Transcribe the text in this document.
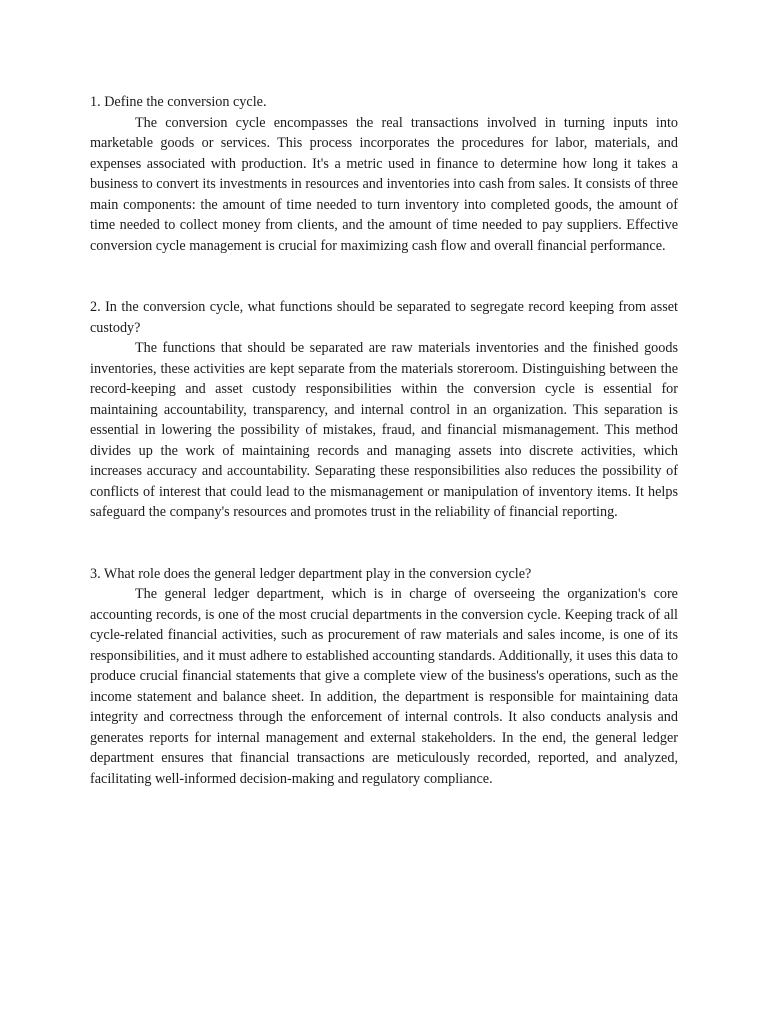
1. Define the conversion cycle.

The conversion cycle encompasses the real transactions involved in turning inputs into marketable goods or services. This process incorporates the procedures for labor, materials, and expenses associated with production. It's a metric used in finance to determine how long it takes a business to convert its investments in resources and inventories into cash from sales. It consists of three main components: the amount of time needed to turn inventory into completed goods, the amount of time needed to collect money from clients, and the amount of time needed to pay suppliers. Effective conversion cycle management is crucial for maximizing cash flow and overall financial performance.

2. In the conversion cycle, what functions should be separated to segregate record keeping from asset custody?

The functions that should be separated are raw materials inventories and the finished goods inventories, these activities are kept separate from the materials storeroom. Distinguishing between the record-keeping and asset custody responsibilities within the conversion cycle is essential for maintaining accountability, transparency, and internal control in an organization. This separation is essential in lowering the possibility of mistakes, fraud, and financial mismanagement. This method divides up the work of maintaining records and managing assets into discrete activities, which increases accuracy and accountability. Separating these responsibilities also reduces the possibility of conflicts of interest that could lead to the mismanagement or manipulation of inventory items. It helps safeguard the company's resources and promotes trust in the reliability of financial reporting.

3. What role does the general ledger department play in the conversion cycle?

The general ledger department, which is in charge of overseeing the organization's core accounting records, is one of the most crucial departments in the conversion cycle. Keeping track of all cycle-related financial activities, such as procurement of raw materials and sales income, is one of its responsibilities, and it must adhere to established accounting standards. Additionally, it uses this data to produce crucial financial statements that give a complete view of the business's operations, such as the income statement and balance sheet. In addition, the department is responsible for maintaining data integrity and correctness through the enforcement of internal controls. It also conducts analysis and generates reports for internal management and external stakeholders. In the end, the general ledger department ensures that financial transactions are meticulously recorded, reported, and analyzed, facilitating well-informed decision-making and regulatory compliance.
